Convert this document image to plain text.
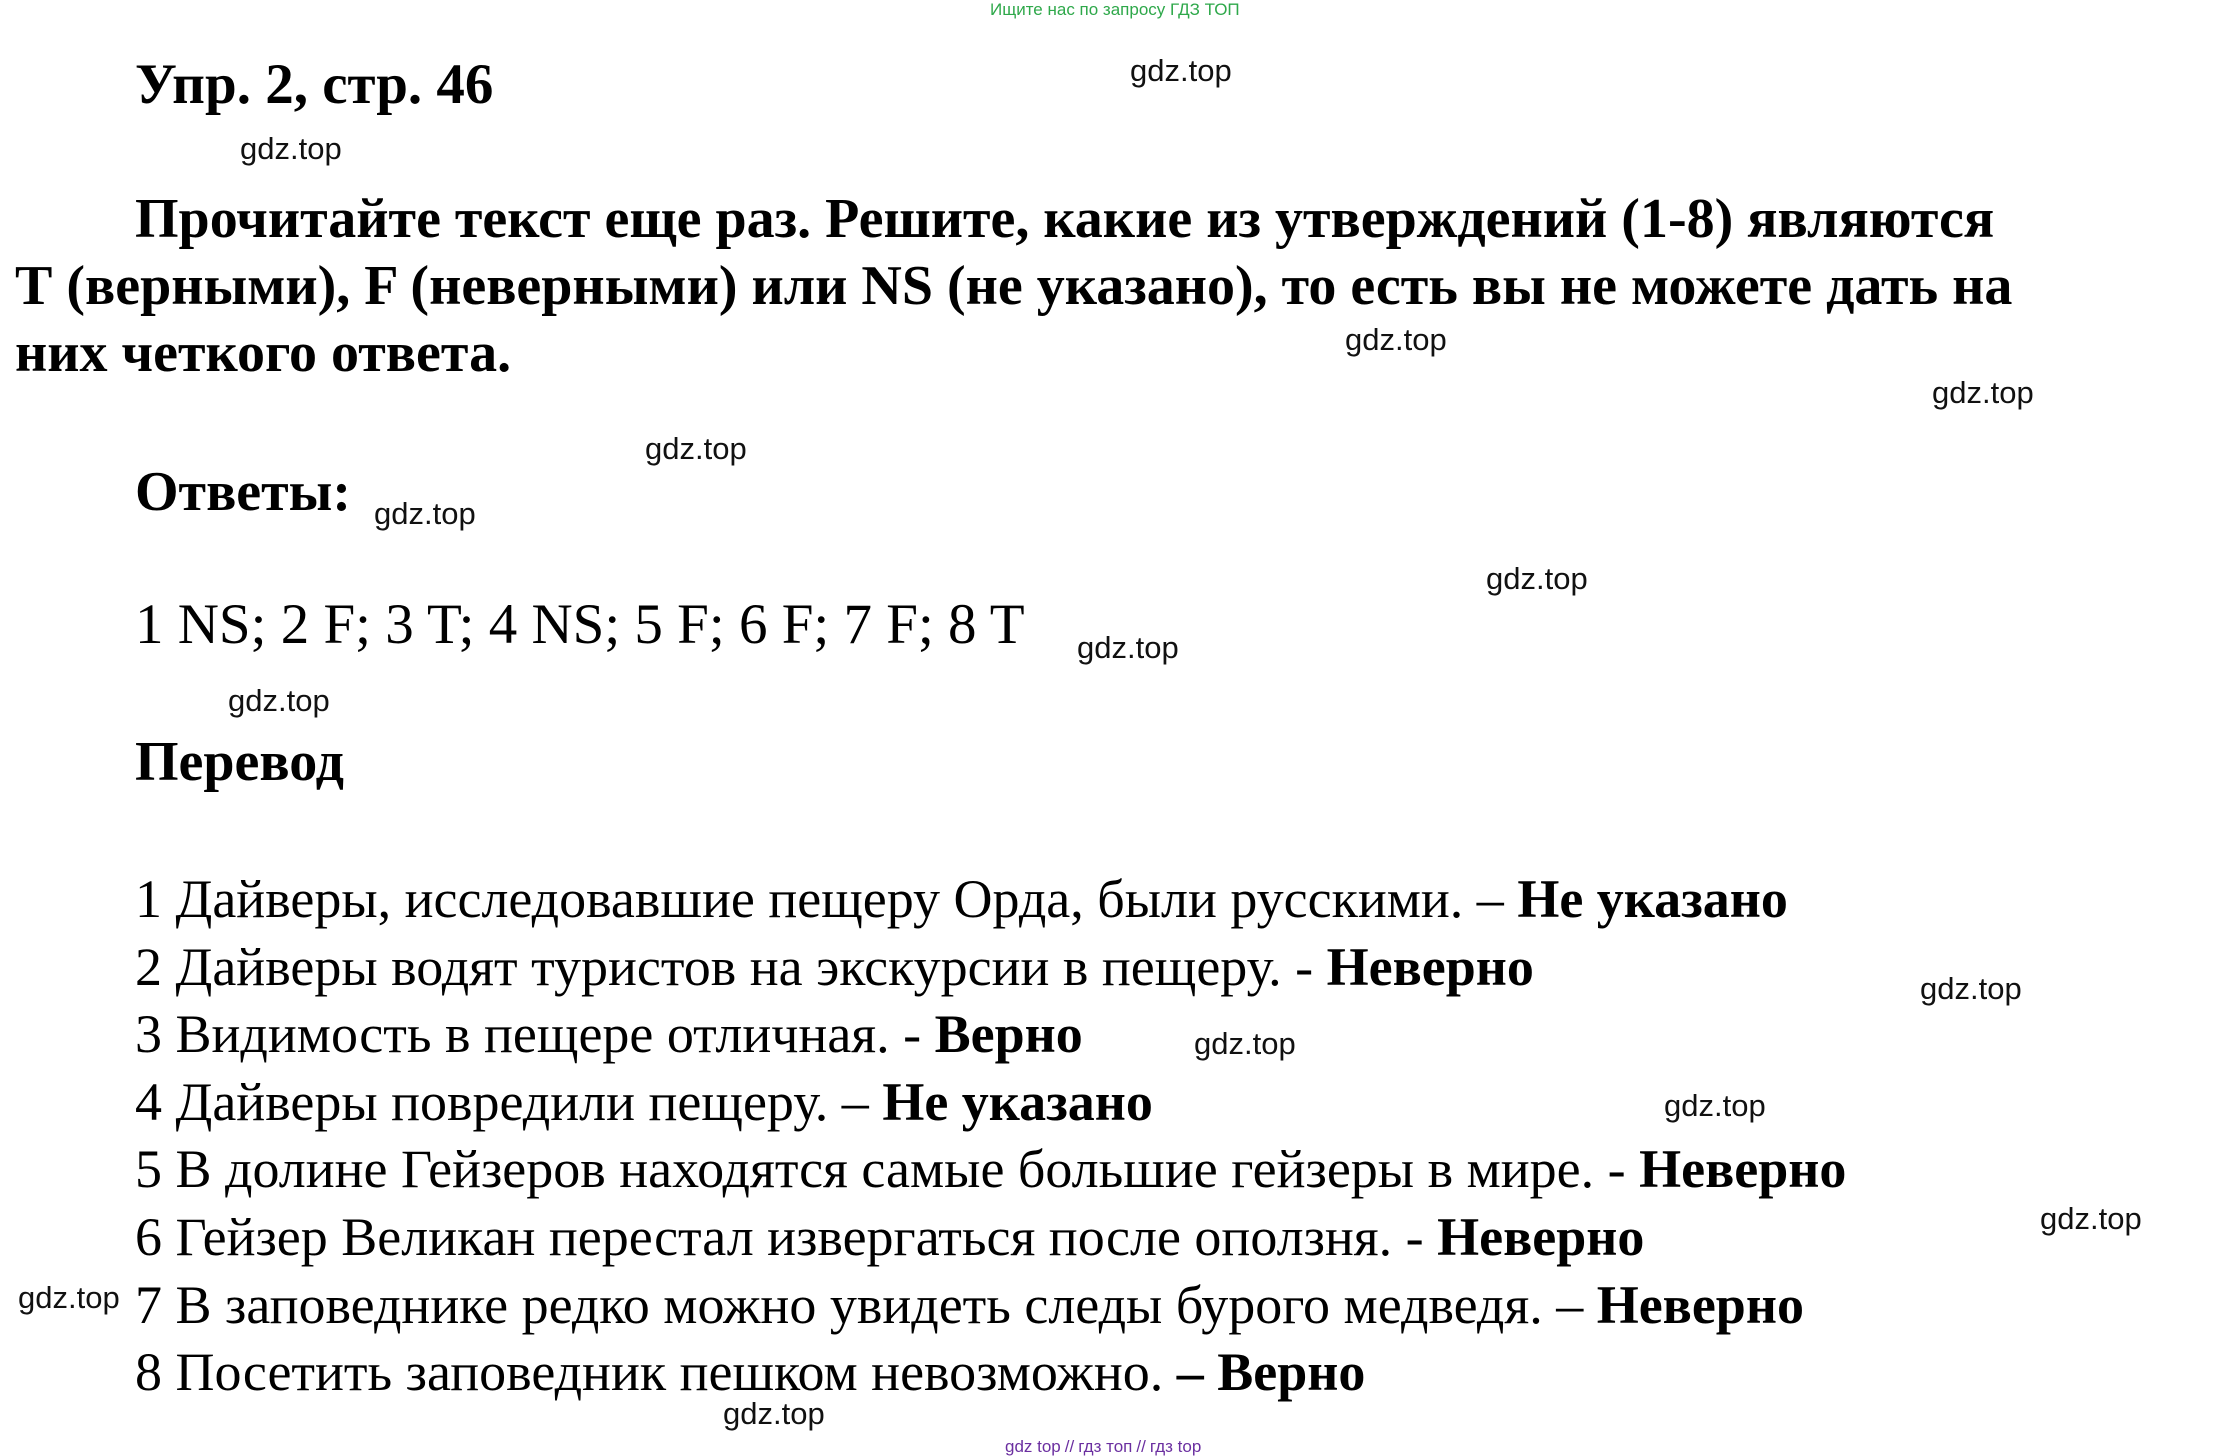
Ищите нас по запросу ГДЗ ТОП
Упр. 2, стр. 46
Прочитайте текст еще раз. Решите, какие из утверждений (1-8) являются
Т (верными), F (неверными) или NS (не указано), то есть вы не можете дать на
них четкого ответа.
Ответы:
1 NS; 2 F; 3 T; 4 NS; 5 F; 6 F; 7 F; 8 T
Перевод
1 Дайверы, исследовавшие пещеру Орда, были русскими. – Не указано
2 Дайверы водят туристов на экскурсии в пещеру. - Неверно
3 Видимость в пещере отличная. - Верно
4 Дайверы повредили пещеру. – Не указано
5 В долине Гейзеров находятся самые большие гейзеры в мире. - Неверно
6 Гейзер Великан перестал извергаться после оползня. - Неверно
7 В заповеднике редко можно увидеть следы бурого медведя. – Неверно
8 Посетить заповедник пешком невозможно. – Верно
gdz.top
gdz.top
gdz.top
gdz.top
gdz.top
gdz.top
gdz.top
gdz.top
gdz.top
gdz.top
gdz.top
gdz.top
gdz.top
gdz.top
gdz.top
gdz top // гдз топ // гдз top
